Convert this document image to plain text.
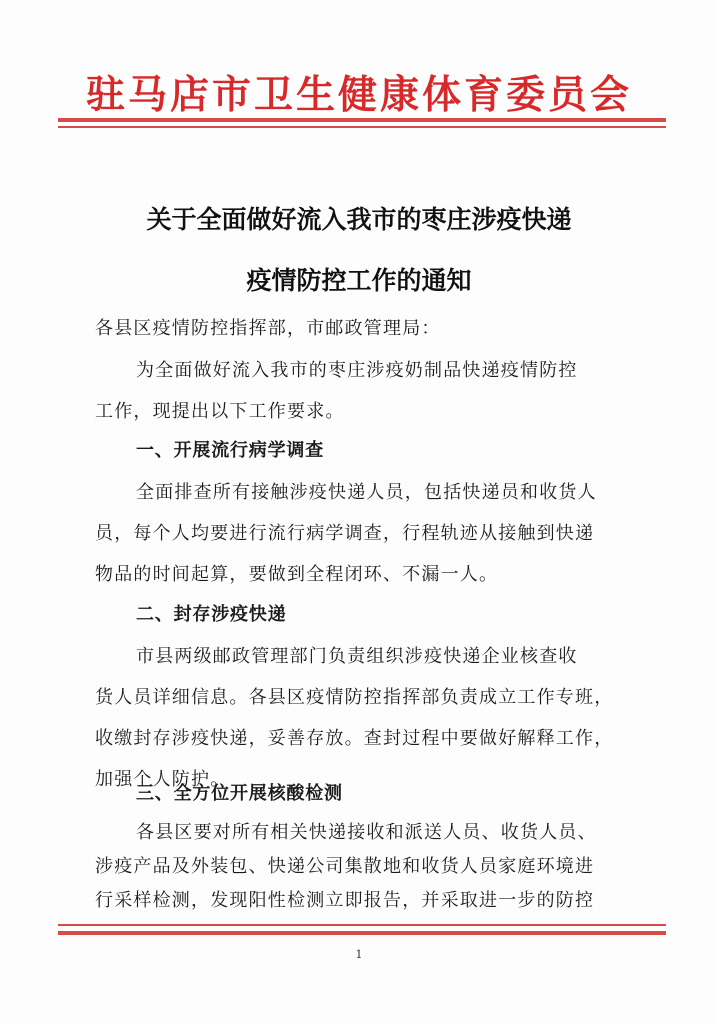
驻马店市卫生健康体育委员会
关于全面做好流入我市的枣庄涉疫快递
疫情防控工作的通知
各县区疫情防控指挥部，市邮政管理局：
为全面做好流入我市的枣庄涉疫奶制品快递疫情防控
工作，现提出以下工作要求。
一、开展流行病学调查
全面排查所有接触涉疫快递人员，包括快递员和收货人
员，每个人均要进行流行病学调查，行程轨迹从接触到快递
物品的时间起算，要做到全程闭环、不漏一人。
二、封存涉疫快递
市县两级邮政管理部门负责组织涉疫快递企业核查收
货人员详细信息。各县区疫情防控指挥部负责成立工作专班，
收缴封存涉疫快递，妥善存放。查封过程中要做好解释工作，
加强个人防护。
三、全方位开展核酸检测
各县区要对所有相关快递接收和派送人员、收货人员、
涉疫产品及外装包、快递公司集散地和收货人员家庭环境进
1
行采样检测，发现阳性检测立即报告，并采取进一步的防控
